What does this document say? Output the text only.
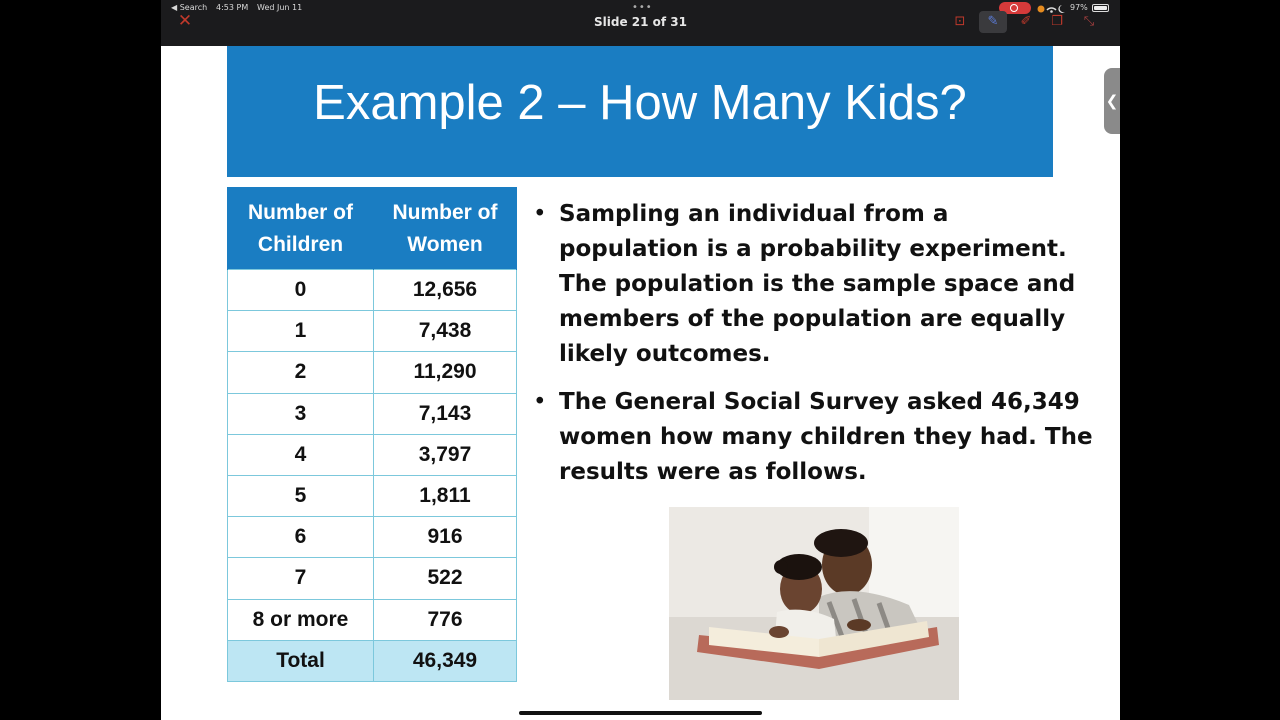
◀ Search 4:53 PM Wed Jun 11
✕
•••
Slide 21 of 31
97%
⊡	✎	✐ ❐ ⤡
Example 2 – How Many Kids?
Number of Children	Number of Women
0	12,656
1	7,438
2	11,290
3	7,143
4	3,797
5	1,811
6	916
7	522
8 or more	776
Total	46,349
• Sampling an individual from a population is a probability experiment. The population is the sample space and members of the population are equally likely outcomes.
• The General Social Survey asked 46,349 women how many children they had. The results were as follows.
❮
